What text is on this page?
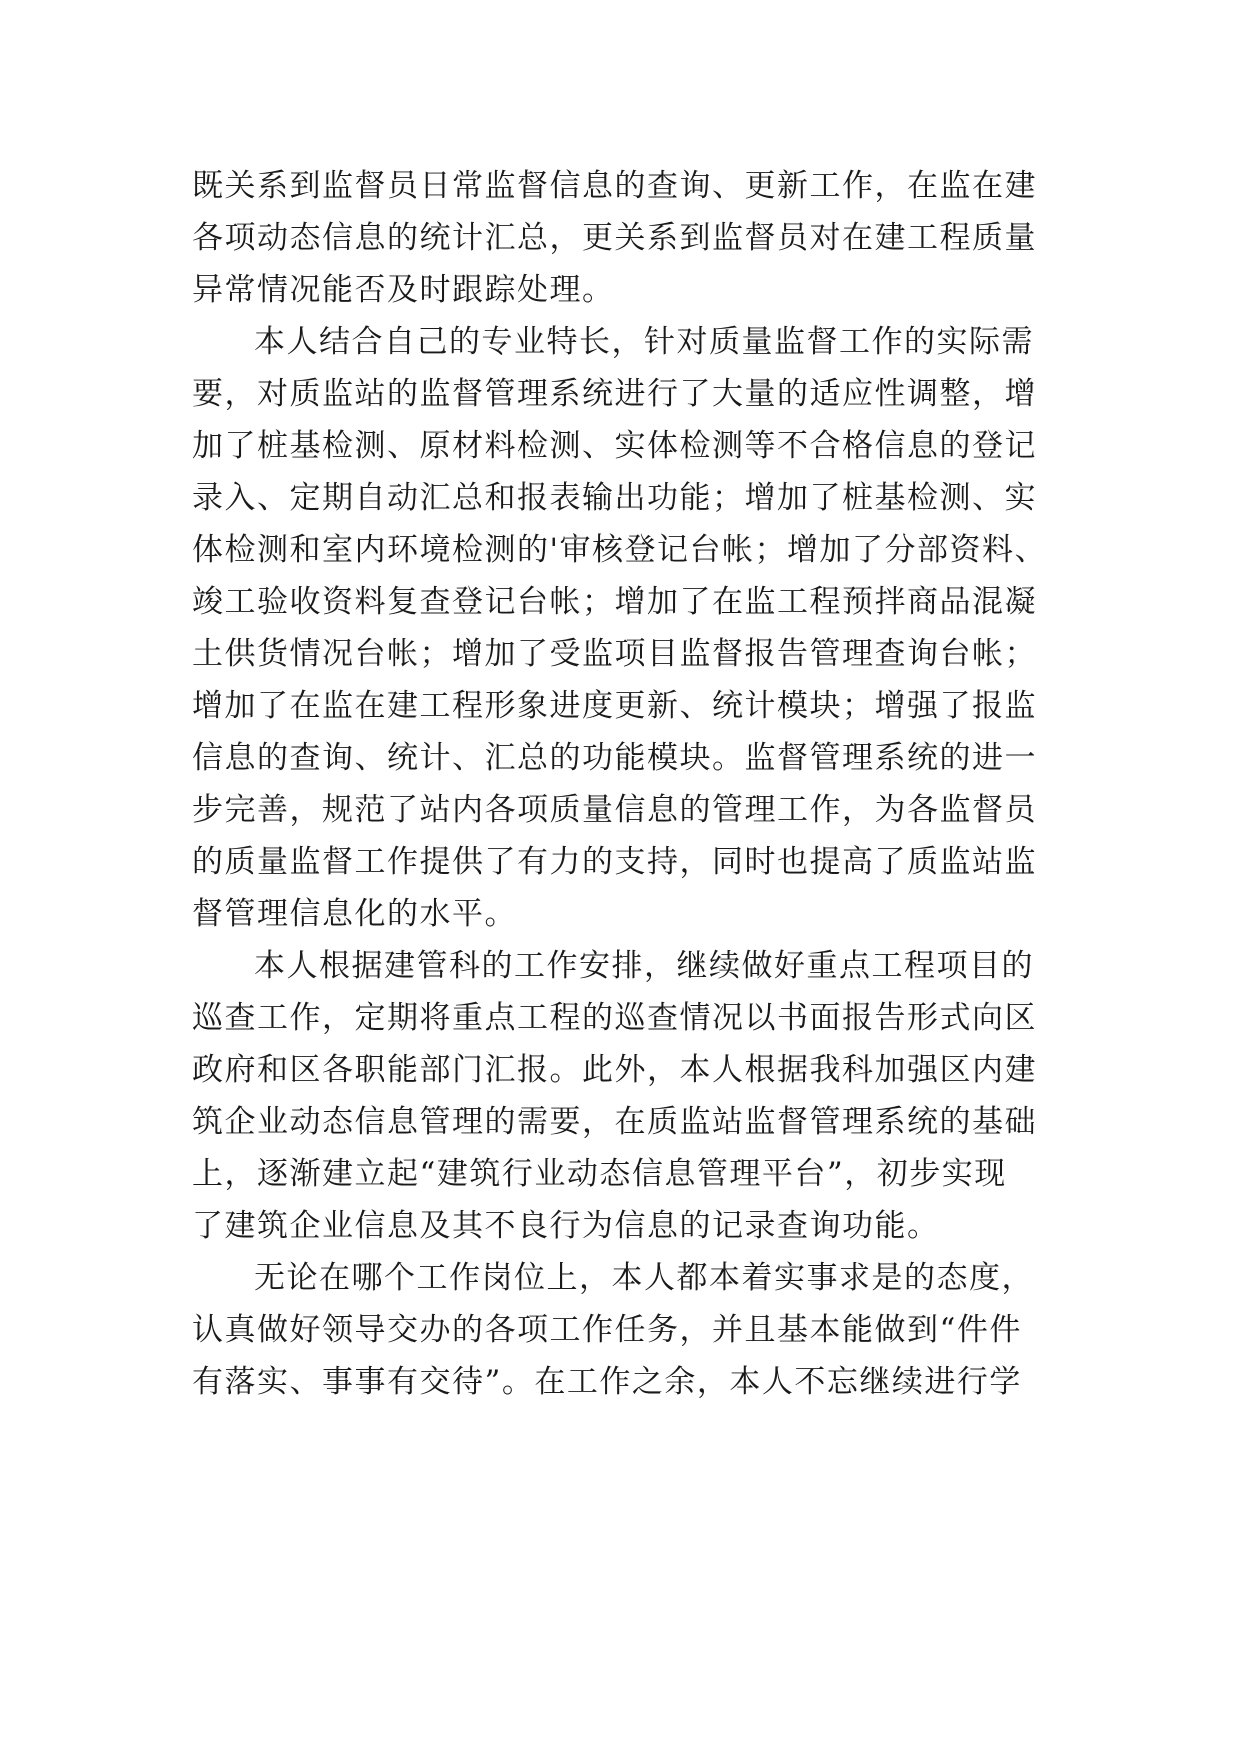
既关系到监督员日常监督信息的查询、更新工作，在监在建
各项动态信息的统计汇总，更关系到监督员对在建工程质量
异常情况能否及时跟踪处理。
本人结合自己的专业特长，针对质量监督工作的实际需
要，对质监站的监督管理系统进行了大量的适应性调整，增
加了桩基检测、原材料检测、实体检测等不合格信息的登记
录入、定期自动汇总和报表输出功能；增加了桩基检测、实
体检测和室内环境检测的'审核登记台帐；增加了分部资料、
竣工验收资料复查登记台帐；增加了在监工程预拌商品混凝
土供货情况台帐；增加了受监项目监督报告管理查询台帐；
增加了在监在建工程形象进度更新、统计模块；增强了报监
信息的查询、统计、汇总的功能模块。监督管理系统的进一
步完善，规范了站内各项质量信息的管理工作，为各监督员
的质量监督工作提供了有力的支持，同时也提高了质监站监
督管理信息化的水平。
本人根据建管科的工作安排，继续做好重点工程项目的
巡查工作，定期将重点工程的巡查情况以书面报告形式向区
政府和区各职能部门汇报。此外，本人根据我科加强区内建
筑企业动态信息管理的需要，在质监站监督管理系统的基础
上，逐渐建立起“建筑行业动态信息管理平台”，初步实现
了建筑企业信息及其不良行为信息的记录查询功能。
无论在哪个工作岗位上，本人都本着实事求是的态度，
认真做好领导交办的各项工作任务，并且基本能做到“件件
有落实、事事有交待”。在工作之余，本人不忘继续进行学
